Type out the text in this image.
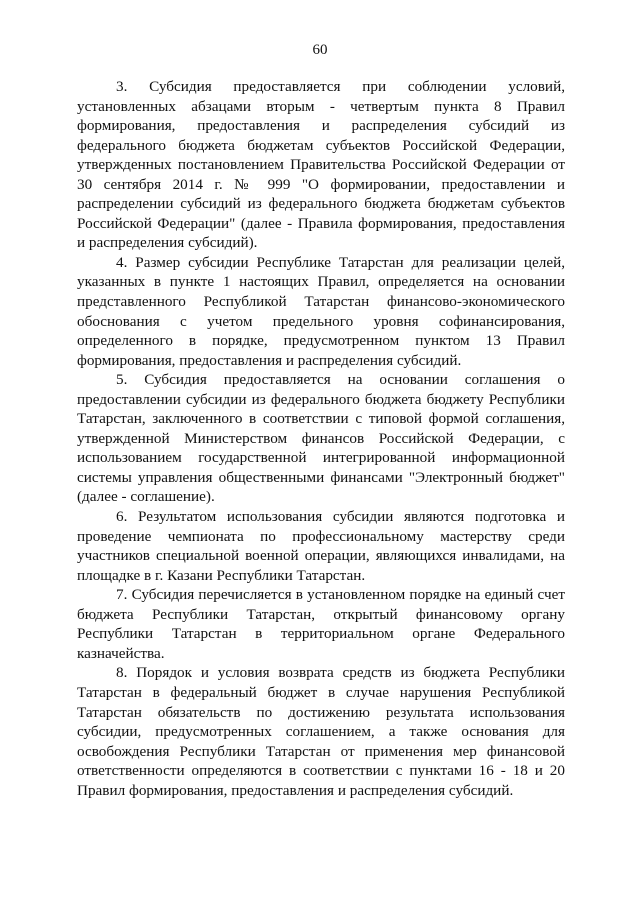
60

3. Субсидия предоставляется при соблюдении условий, установленных абзацами вторым - четвертым пункта 8 Правил формирования, предоставления и распределения субсидий из федерального бюджета бюджетам субъектов Российской Федерации, утвержденных постановлением Правительства Российской Федерации от 30 сентября 2014 г. № 999 "О формировании, предоставлении и распределении субсидий из федерального бюджета бюджетам субъектов Российской Федерации" (далее - Правила формирования, предоставления и распределения субсидий).

4. Размер субсидии Республике Татарстан для реализации целей, указанных в пункте 1 настоящих Правил, определяется на основании представленного Республикой Татарстан финансово-экономического обоснования с учетом предельного уровня софинансирования, определенного в порядке, предусмотренном пунктом 13 Правил формирования, предоставления и распределения субсидий.

5. Субсидия предоставляется на основании соглашения о предоставлении субсидии из федерального бюджета бюджету Республики Татарстан, заключенного в соответствии с типовой формой соглашения, утвержденной Министерством финансов Российской Федерации, с использованием государственной интегрированной информационной системы управления общественными финансами "Электронный бюджет" (далее - соглашение).

6. Результатом использования субсидии являются подготовка и проведение чемпионата по профессиональному мастерству среди участников специальной военной операции, являющихся инвалидами, на площадке в г. Казани Республики Татарстан.

7. Субсидия перечисляется в установленном порядке на единый счет бюджета Республики Татарстан, открытый финансовому органу Республики Татарстан в территориальном органе Федерального казначейства.

8. Порядок и условия возврата средств из бюджета Республики Татарстан в федеральный бюджет в случае нарушения Республикой Татарстан обязательств по достижению результата использования субсидии, предусмотренных соглашением, а также основания для освобождения Республики Татарстан от применения мер финансовой ответственности определяются в соответствии с пунктами 16 - 18 и 20 Правил формирования, предоставления и распределения субсидий.
